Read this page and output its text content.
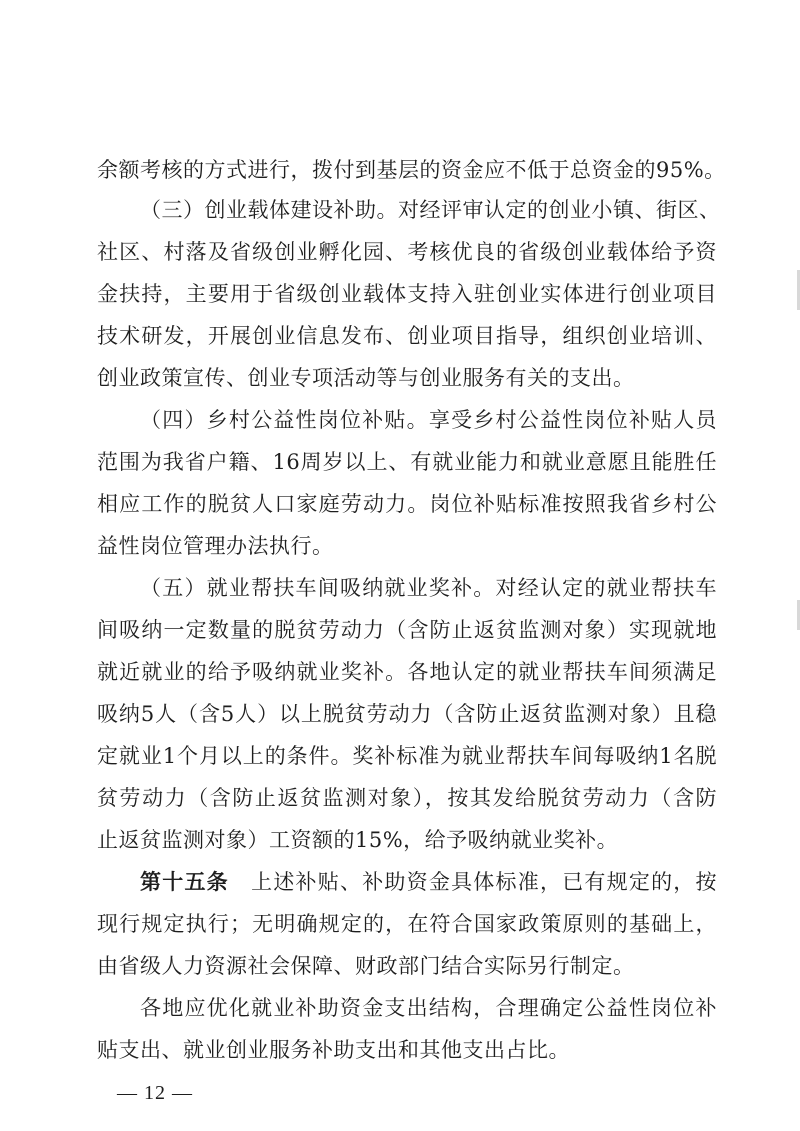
余额考核的方式进行，拨付到基层的资金应不低于总资金的95%。
（三）创业载体建设补助。对经评审认定的创业小镇、街区、
社区、村落及省级创业孵化园、考核优良的省级创业载体给予资
金扶持，主要用于省级创业载体支持入驻创业实体进行创业项目
技术研发，开展创业信息发布、创业项目指导，组织创业培训、
创业政策宣传、创业专项活动等与创业服务有关的支出。
（四）乡村公益性岗位补贴。享受乡村公益性岗位补贴人员
范围为我省户籍、16周岁以上、有就业能力和就业意愿且能胜任
相应工作的脱贫人口家庭劳动力。岗位补贴标准按照我省乡村公
益性岗位管理办法执行。
（五）就业帮扶车间吸纳就业奖补。对经认定的就业帮扶车
间吸纳一定数量的脱贫劳动力（含防止返贫监测对象）实现就地
就近就业的给予吸纳就业奖补。各地认定的就业帮扶车间须满足
吸纳5人（含5人）以上脱贫劳动力（含防止返贫监测对象）且稳
定就业1个月以上的条件。奖补标准为就业帮扶车间每吸纳1名脱
贫劳动力（含防止返贫监测对象），按其发给脱贫劳动力（含防
止返贫监测对象）工资额的15%，给予吸纳就业奖补。
第十五条　上述补贴、补助资金具体标准，已有规定的，按
现行规定执行；无明确规定的，在符合国家政策原则的基础上，
由省级人力资源社会保障、财政部门结合实际另行制定。
各地应优化就业补助资金支出结构，合理确定公益性岗位补
贴支出、就业创业服务补助支出和其他支出占比。
— 12 —
